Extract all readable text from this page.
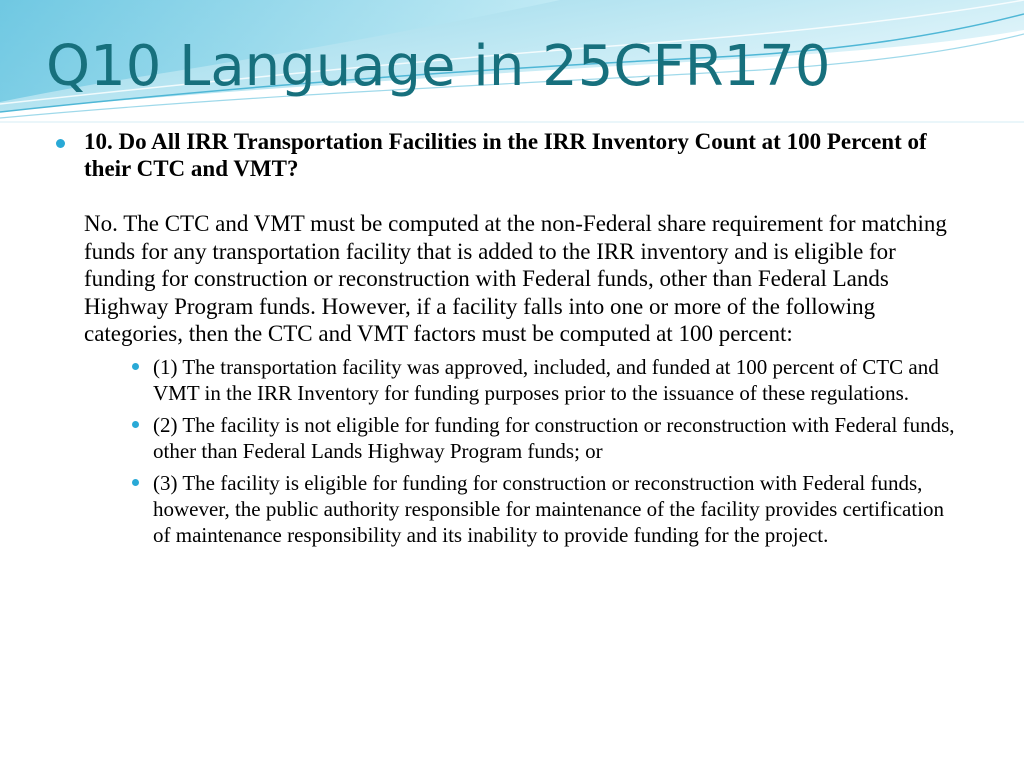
Q10 Language in 25CFR170
10. Do All IRR Transportation Facilities in the IRR Inventory Count at 100 Percent of their CTC and VMT?
No. The CTC and VMT must be computed at the non-Federal share requirement for matching funds for any transportation facility that is added to the IRR inventory and is eligible for funding for construction or reconstruction with Federal funds, other than Federal Lands Highway Program funds. However, if a facility falls into one or more of the following categories, then the CTC and VMT factors must be computed at 100 percent:
(1) The transportation facility was approved, included, and funded at 100 percent of CTC and VMT in the IRR Inventory for funding purposes prior to the issuance of these regulations.
(2) The facility is not eligible for funding for construction or reconstruction with Federal funds, other than Federal Lands Highway Program funds; or
(3) The facility is eligible for funding for construction or reconstruction with Federal funds, however, the public authority responsible for maintenance of the facility provides certification of maintenance responsibility and its inability to provide funding for the project.
